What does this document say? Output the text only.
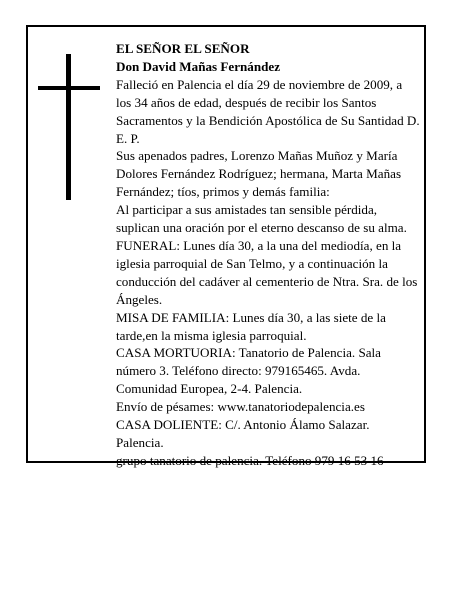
EL SEÑOR EL SEÑOR

Don David Mañas Fernández

Falleció en Palencia el día 29 de noviembre de 2009, a los 34 años de edad, después de recibir los Santos Sacramentos y la Bendición Apostólica de Su Santidad D. E. P.

Sus apenados padres, Lorenzo Mañas Muñoz y María Dolores Fernández Rodríguez; hermana, Marta Mañas Fernández; tíos, primos y demás familia:

Al participar a sus amistades tan sensible pérdida, suplican una oración por el eterno descanso de su alma.

FUNERAL: Lunes día 30, a la una del mediodía, en la iglesia parroquial de San Telmo, y a continuación la conducción del cadáver al cementerio de Ntra. Sra. de los Ángeles.

MISA DE FAMILIA: Lunes día 30, a las siete de la tarde,en la misma iglesia parroquial.

CASA MORTUORIA: Tanatorio de Palencia. Sala número 3. Teléfono directo: 979165465. Avda. Comunidad Europea, 2-4. Palencia.

Envío de pésames: www.tanatoriodepalencia.es

CASA DOLIENTE: C/. Antonio Álamo Salazar. Palencia.

grupo tanatorio de palencia. Teléfono 979 16 53 16
